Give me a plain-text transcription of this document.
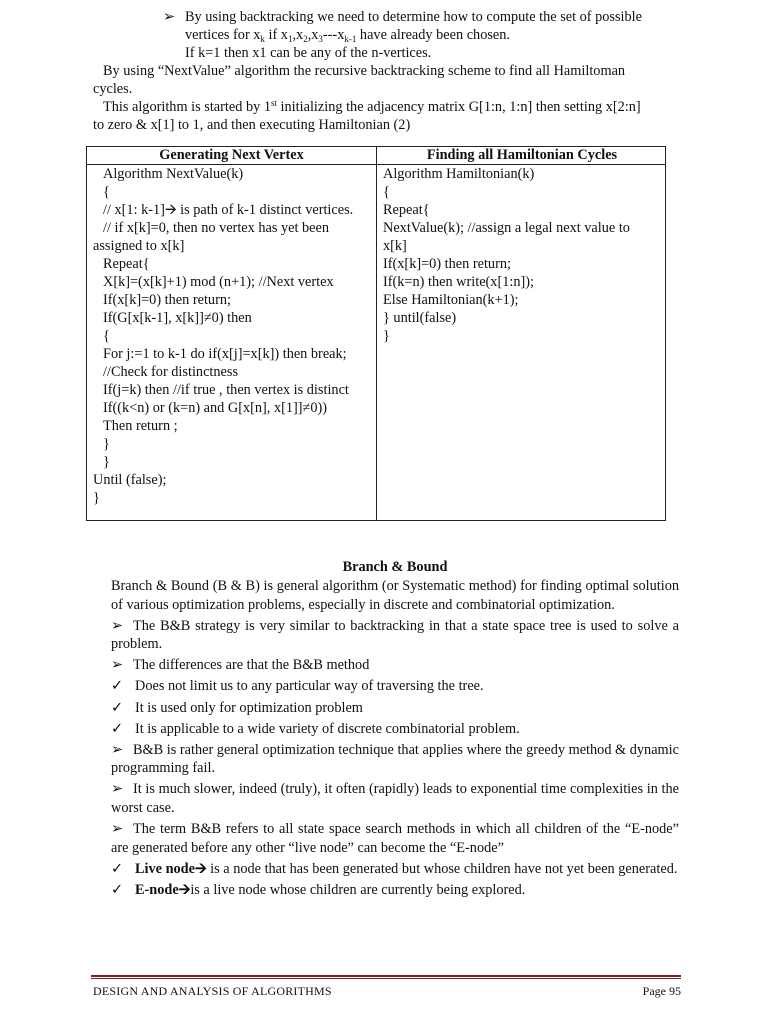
➢ By using backtracking we need to determine how to compute the set of possible
vertices for $x_k$ if $x_1,x_2,x_3---x_{k-1}$ have already been chosen.
If k=1 then x1 can be any of the n-vertices.
By using “NextValue” algorithm the recursive backtracking scheme to find all Hamiltoman
cycles.
This algorithm is started by 1st initializing the adjacency matrix G[1:n, 1:n] then setting x[2:n]
to zero & x[1] to 1, and then executing Hamiltonian (2)
Generating Next Vertex	Finding all Hamiltonian Cycles
Algorithm NextValue(k)
{
// x[1: k-1]🡪 is path of k-1 distinct vertices.
// if x[k]=0, then no vertex has yet been
assigned to x[k]
Repeat{
X[k]=(x[k]+1) mod (n+1); //Next vertex
If(x[k]=0) then return;
If(G[x[k-1], x[k]]≠0) then
{
For j:=1 to k-1 do if(x[j]=x[k]) then break;
//Check for distinctness
If(j=k) then //if true , then vertex is distinct
If((k<n) or (k=n) and G[x[n], x[1]]≠0))
Then return ;
}
}
Until (false);
}
Algorithm Hamiltonian(k)
{
Repeat{
NextValue(k); //assign a legal next value to
x[k]
If(x[k]=0) then return;
If(k=n) then write(x[1:n]);
Else Hamiltonian(k+1);
} until(false)
}
Branch & Bound

Branch & Bound (B & B) is general algorithm (or Systematic method) for finding optimal solution of various optimization problems, especially in discrete and combinatorial optimization.

➢ The B&B strategy is very similar to backtracking in that a state space tree is used to solve a problem.

➢ The differences are that the B&B method

✓ Does not limit us to any particular way of traversing the tree.

✓ It is used only for optimization problem

✓ It is applicable to a wide variety of discrete combinatorial problem.

➢ B&B is rather general optimization technique that applies where the greedy method & dynamic programming fail.

➢ It is much slower, indeed (truly), it often (rapidly) leads to exponential time complexities in the worst case.

➢ The term B&B refers to all state space search methods in which all children of the “E-node” are generated before any other “live node” can become the “E-node”

✓ Live node🡪 is a node that has been generated but whose children have not yet been generated.

✓ E-node🡪is a live node whose children are currently being explored.

DESIGN AND ANALYSIS OF ALGORITHMS	Page 95
